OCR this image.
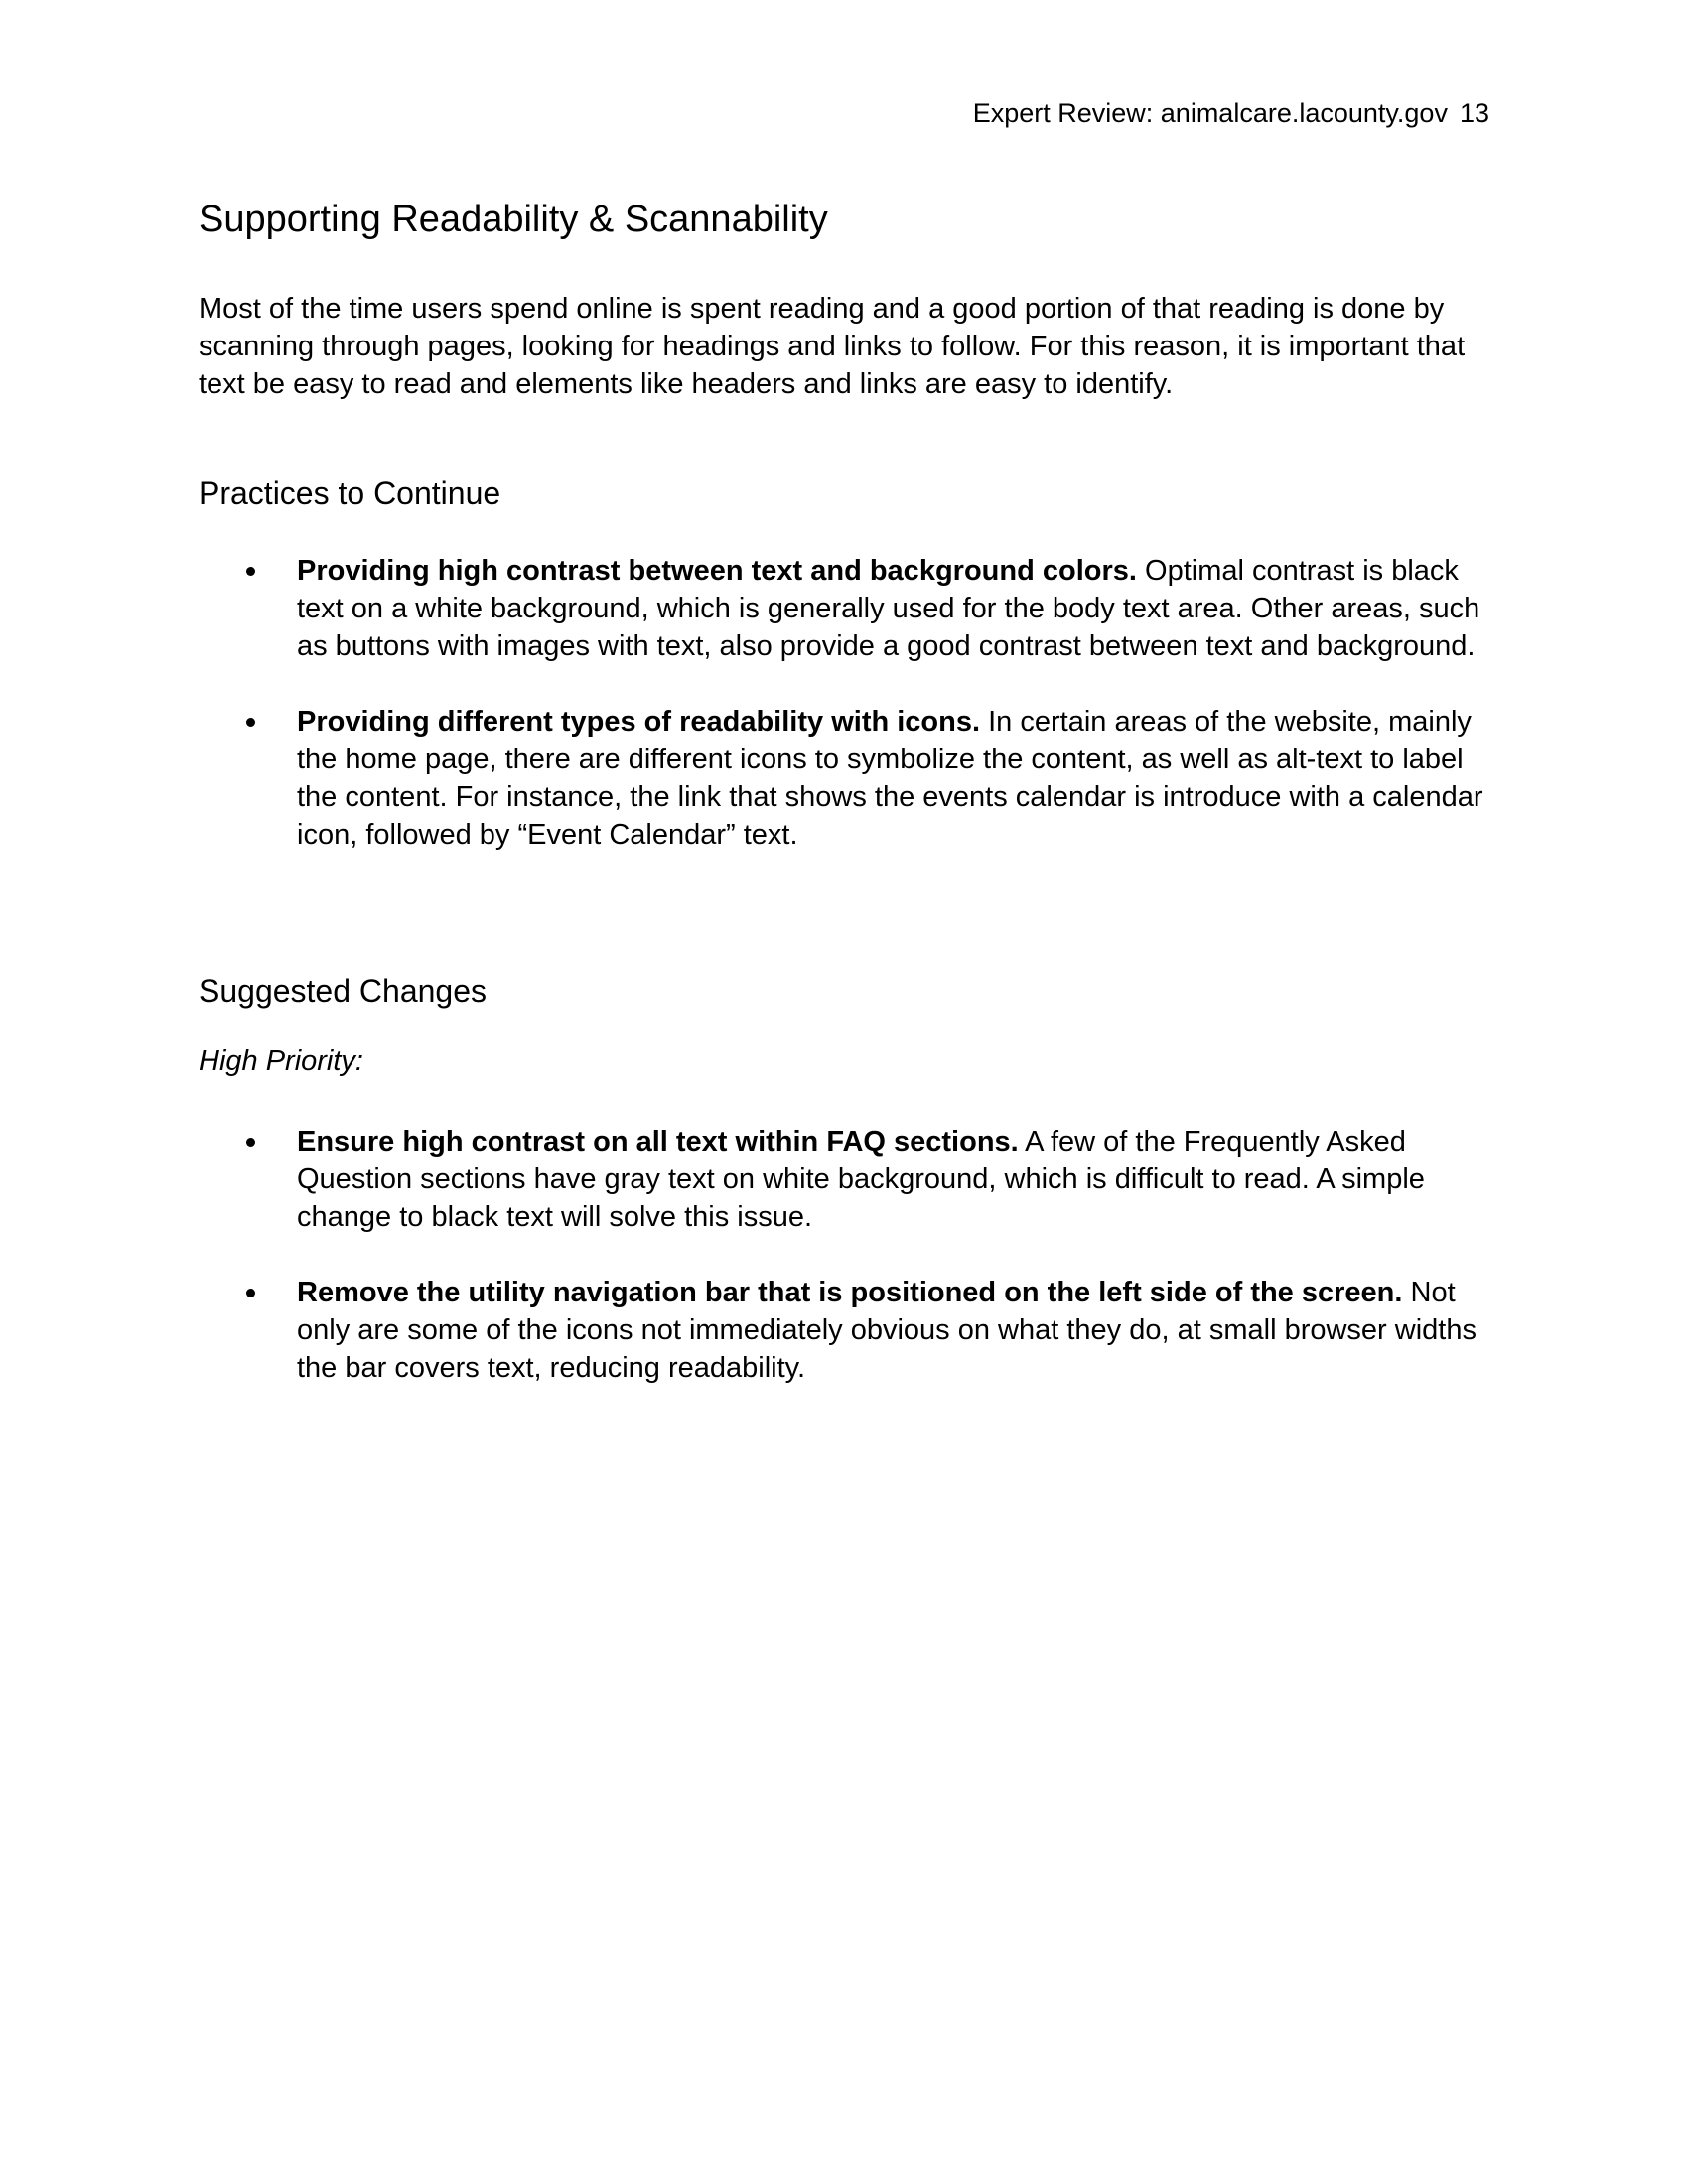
Expert Review: animalcare.lacounty.gov 13
Supporting Readability & Scannability

Most of the time users spend online is spent reading and a good portion of that reading is done by scanning through pages, looking for headings and links to follow. For this reason, it is important that text be easy to read and elements like headers and links are easy to identify.

Practices to Continue
Providing high contrast between text and background colors. Optimal contrast is black text on a white background, which is generally used for the body text area. Other areas, such as buttons with images with text, also provide a good contrast between text and background.
Providing different types of readability with icons. In certain areas of the website, mainly the home page, there are different icons to symbolize the content, as well as alt-text to label the content. For instance, the link that shows the events calendar is introduce with a calendar icon, followed by “Event Calendar” text.
Suggested Changes

High Priority:

Ensure high contrast on all text within FAQ sections. A few of the Frequently Asked Question sections have gray text on white background, which is difficult to read. A simple change to black text will solve this issue.
Remove the utility navigation bar that is positioned on the left side of the screen. Not only are some of the icons not immediately obvious on what they do, at small browser widths the bar covers text, reducing readability.
